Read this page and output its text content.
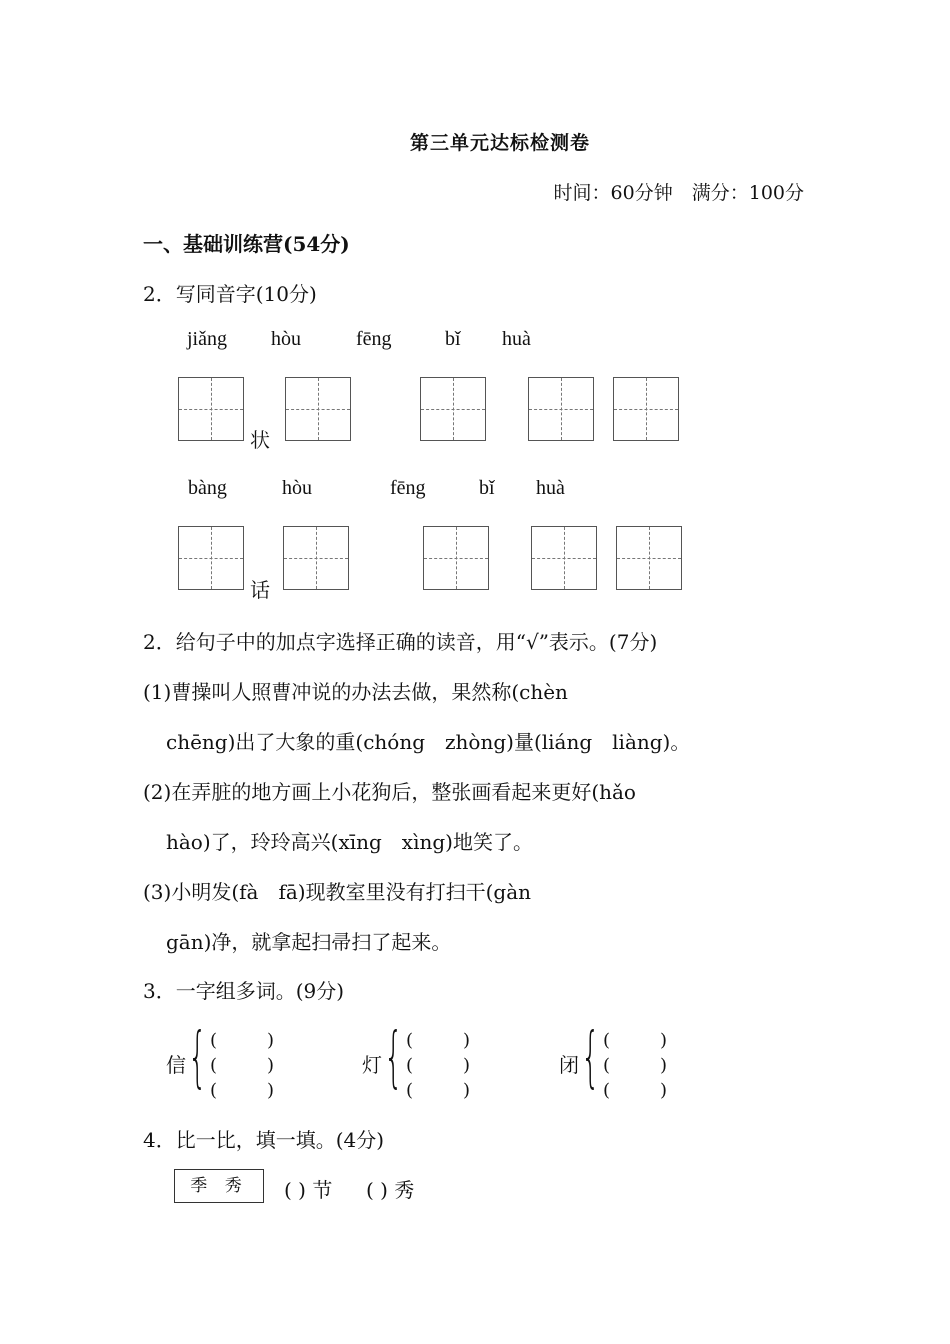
第三单元达标检测卷
时间：60分钟　满分：100分
一、基础训练营(54分)
2．写同音字(10分)
jiǎng hòu	fēng	bǐ huà
状
bàng	hòu	fēng	bǐ huà
话
2．给句子中的加点字选择正确的读音，用“√”表示。(7分)
(1)曹操叫人照曹冲说的办法去做，果然称(chèn
chēng)出了大象的重(chóng　zhòng)量(liáng　liàng)。
(2)在弄脏的地方画上小花狗后，整张画看起来更好(hǎo
hào)了，玲玲高兴(xīng　xìng)地笑了。
(3)小明发(fà　fā)现教室里没有打扫干(gàn
gān)净，就拿起扫帚扫了起来。
3．一字组多词。(9分)
信 { (　)
(　)
(　)
灯 { (　)
(　)
(　)
闭 { (　)
(　)
(　)
4．比一比，填一填。(4分)
季 秀	( ) 节 ( ) 秀
